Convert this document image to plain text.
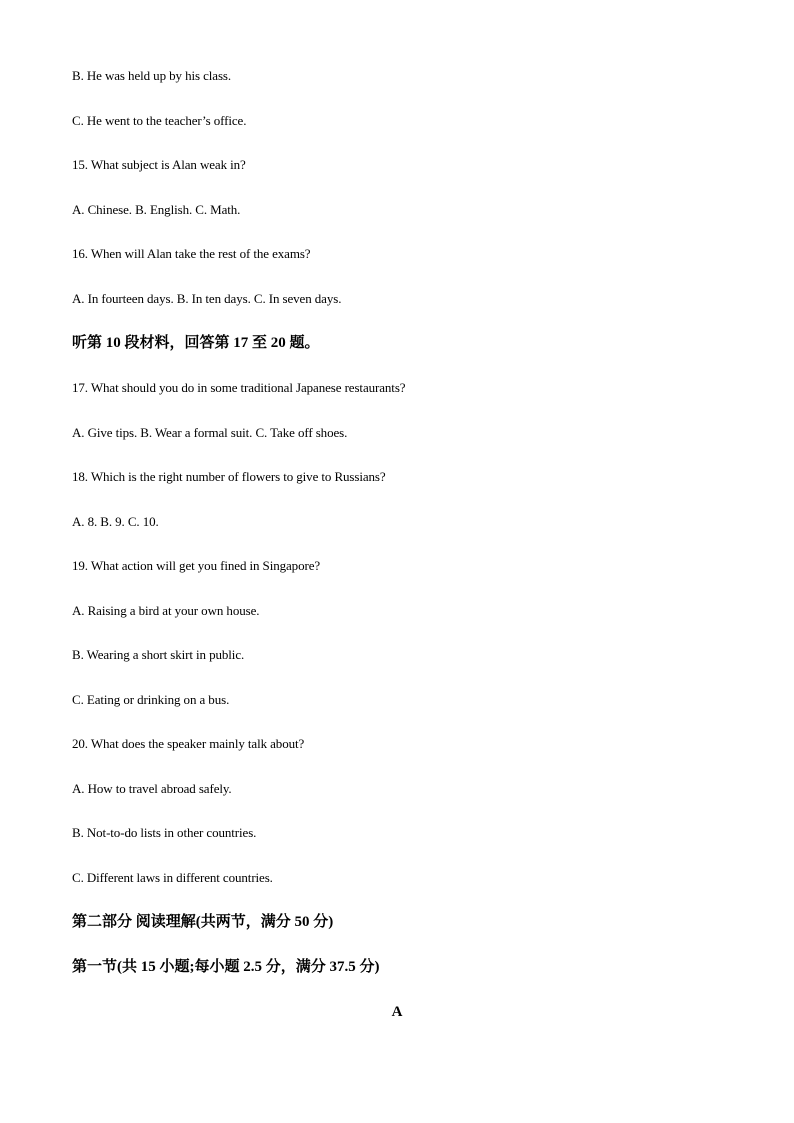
B. He was held up by his class.
C. He went to the teacher’s office.
15. What subject is Alan weak in?
A. Chinese. B. English. C. Math.
16. When will Alan take the rest of the exams?
A. In fourteen days. B. In ten days. C. In seven days.
听第 10 段材料，回答第 17 至 20 题。
17. What should you do in some traditional Japanese restaurants?
A. Give tips. B. Wear a formal suit. C. Take off shoes.
18. Which is the right number of flowers to give to Russians?
A. 8. B. 9. C. 10.
19. What action will get you fined in Singapore?
A. Raising a bird at your own house.
B. Wearing a short skirt in public.
C. Eating or drinking on a bus.
20. What does the speaker mainly talk about?
A. How to travel abroad safely.
B. Not-to-do lists in other countries.
C. Different laws in different countries.
第二部分 阅读理解(共两节，满分 50 分)
第一节(共 15 小题;每小题 2.5 分，满分 37.5 分)
A
